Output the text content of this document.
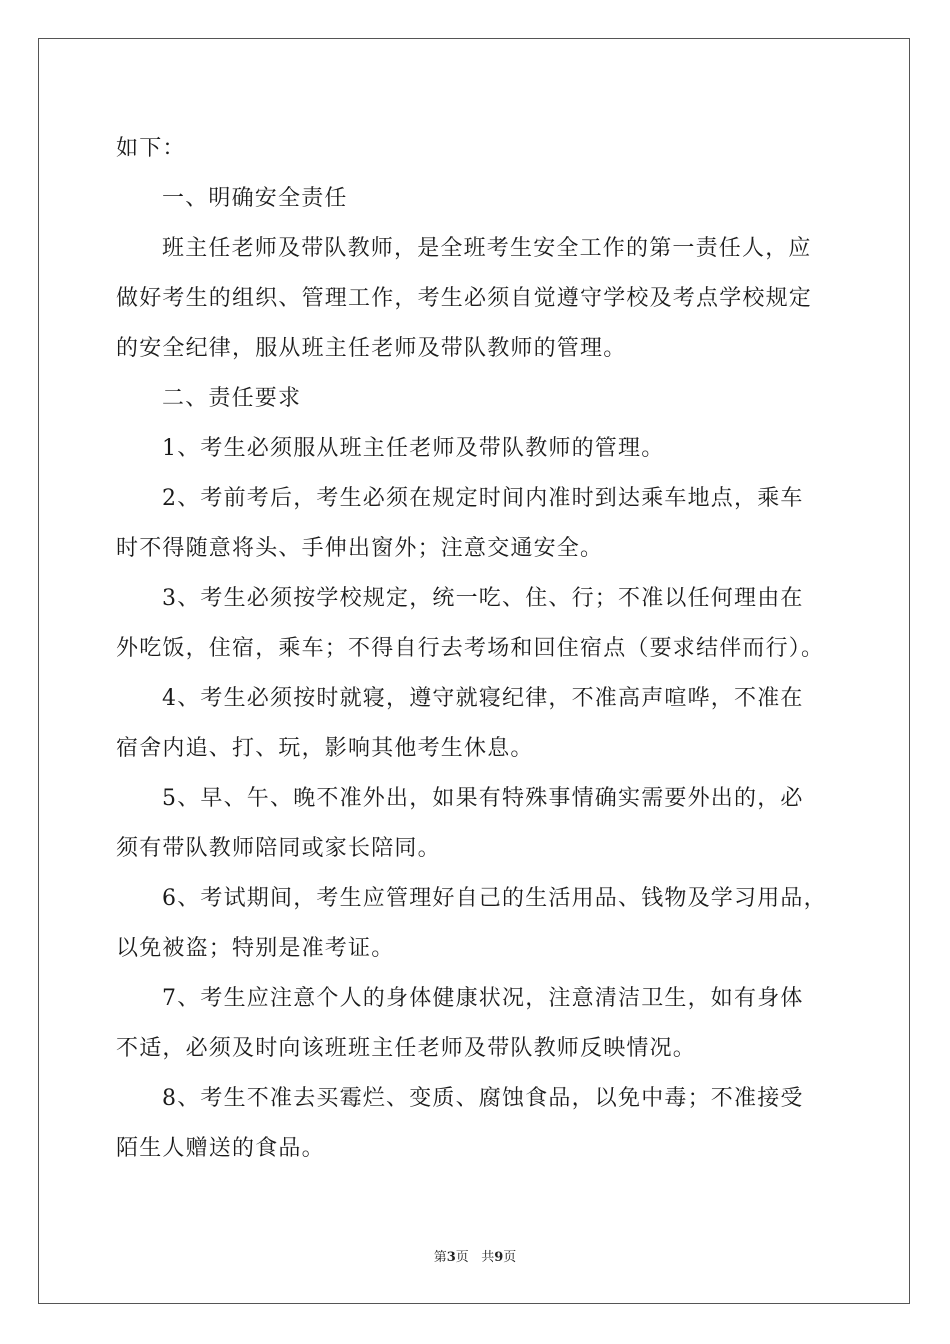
如下：
一、明确安全责任
班主任老师及带队教师，是全班考生安全工作的第一责任人，应
做好考生的组织、管理工作，考生必须自觉遵守学校及考点学校规定
的安全纪律，服从班主任老师及带队教师的管理。
二、责任要求
1、考生必须服从班主任老师及带队教师的管理。
2、考前考后，考生必须在规定时间内准时到达乘车地点，乘车
时不得随意将头、手伸出窗外；注意交通安全。
3、考生必须按学校规定，统一吃、住、行；不准以任何理由在
外吃饭，住宿，乘车；不得自行去考场和回住宿点（要求结伴而行）。
4、考生必须按时就寝，遵守就寝纪律，不准高声喧哗，不准在
宿舍内追、打、玩，影响其他考生休息。
5、早、午、晚不准外出，如果有特殊事情确实需要外出的，必
须有带队教师陪同或家长陪同。
6、考试期间，考生应管理好自己的生活用品、钱物及学习用品，
以免被盗；特别是准考证。
7、考生应注意个人的身体健康状况，注意清洁卫生，如有身体
不适，必须及时向该班班主任老师及带队教师反映情况。
8、考生不准去买霉烂、变质、腐蚀食品，以免中毒；不准接受
陌生人赠送的食品。
第3页 共9页
